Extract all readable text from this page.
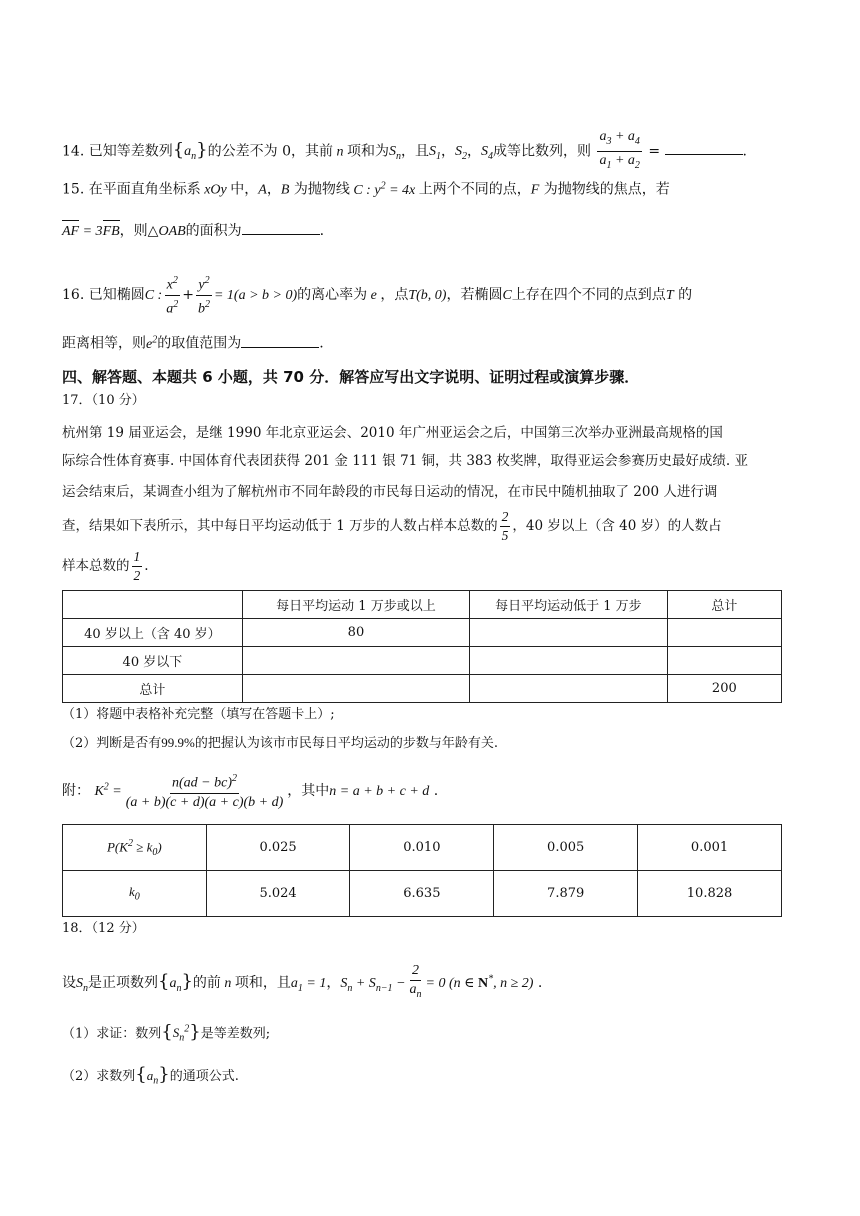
14. 已知等差数列$\{a_n\}$的公差不为 0，其前 n 项和为$S_n$，且$S_1$，$S_2$，$S_4$成等比数列，则 $\frac{a_3 + a_4}{a_1 + a_2}$ =	.
15. 在平面直角坐标系 xOy 中，A，B 为抛物线 C : $y^2 = 4x$ 上两个不同的点，F 为抛物线的焦点，若
AF = 3FB，则△OAB的面积为	.
16. 已知椭圆C : $\frac{x^2}{a^2} + \frac{y^2}{b^2} = 1(a > b > 0)$的离心率为 e ，点T(b, 0)，若椭圆C上存在四个不同的点到点T 的
距离相等，则$e^2$的取值范围为	.
四、解答题、本题共 6 小题，共 70 分．解答应写出文字说明、证明过程或演算步骤．
17．（10 分）
杭州第 19 届亚运会，是继 1990 年北京亚运会、2010 年广州亚运会之后，中国第三次举办亚洲最高规格的国
际综合性体育赛事. 中国体育代表团获得 201 金 111 银 71 铜，共 383 枚奖牌，取得亚运会参赛历史最好成绩. 亚
运会结束后，某调查小组为了解杭州市不同年龄段的市民每日运动的情况，在市民中随机抽取了 200 人进行调
查，结果如下表所示，其中每日平均运动低于 1 万步的人数占样本总数的 $\frac{2}{5}$ ，40 岁以上（含 40 岁）的人数占
样本总数的 $\frac{1}{2}$ .
	每日平均运动 1 万步或以上	每日平均运动低于 1 万步	总计
40 岁以上（含 40 岁）	80		
40 岁以下			
总计			200
（1）将题中表格补充完整（填写在答题卡上）;
（2）判断是否有99.9%的把握认为该市市民每日平均运动的步数与年龄有关.
附： $K^2 = \frac{n(ad - bc)^2}{(a + b)(c + d)(a + c)(b + d)}$ ，其中n = a + b + c + d .
$P(K^2 \ge k_0)$	0.025	0.010	0.005	0.001
$k_0$	5.024	6.635	7.879	10.828
18．（12 分）
设$S_n$是正项数列$\{a_n\}$的前 n 项和，且$a_1 = 1$，$S_n + S_{n-1} - \frac{2}{a_n} = 0$ (n ∈ N*, n ≥ 2) .
（1）求证：数列$\{S_n^2\}$是等差数列;
（2）求数列$\{a_n\}$的通项公式.
